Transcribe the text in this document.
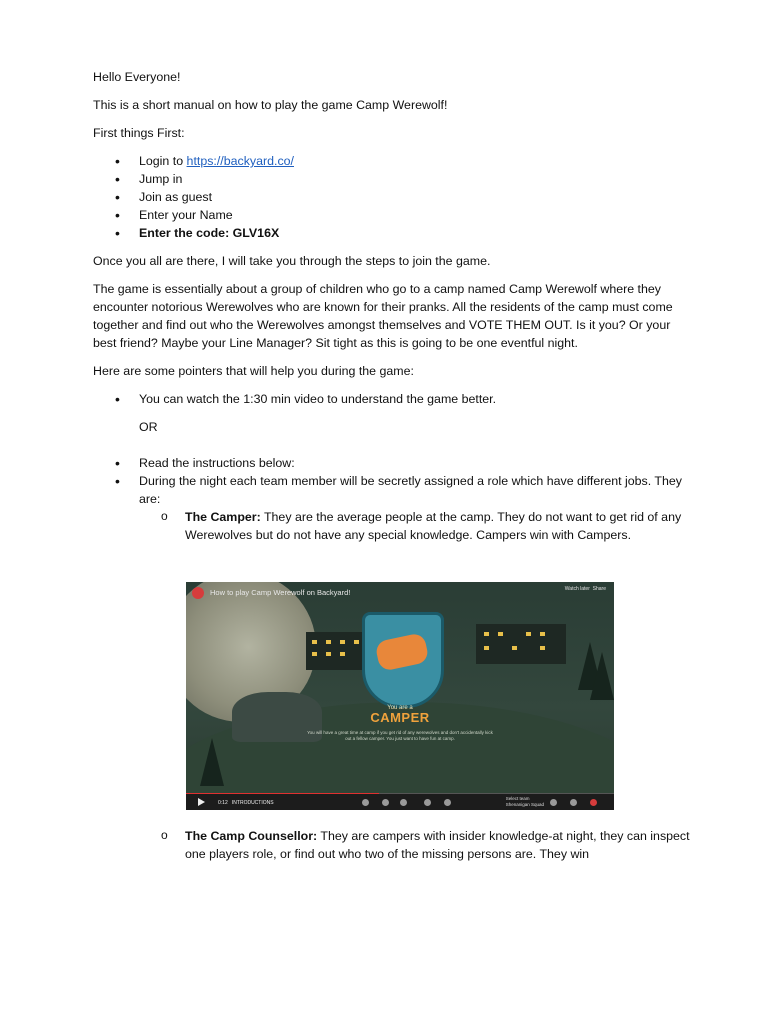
Hello Everyone!

This is a short manual on how to play the game Camp Werewolf!

First things First:

• Login to https://backyard.co/
• Jump in
• Join as guest
• Enter your Name
• Enter the code: GLV16X

Once you all are there, I will take you through the steps to join the game.

The game is essentially about a group of children who go to a camp named Camp Werewolf where they encounter notorious Werewolves who are known for their pranks. All the residents of the camp must come together and find out who the Werewolves amongst themselves and VOTE THEM OUT. Is it you? Or your best friend? Maybe your Line Manager? Sit tight as this is going to be one eventful night.

Here are some pointers that will help you during the game:

• You can watch the 1:30 min video to understand the game better.
OR
• Read the instructions below:
• During the night each team member will be secretly assigned a role which have different jobs. They are:
o The Camper: They are the average people at the camp. They do not want to get rid of any Werewolves but do not have any special knowledge. Campers win with Campers.
How to play Camp Werewolf on Backyard!	Watch later Share
You are a
CAMPER
You will have a great time at camp if you get rid of any werewolves and don't accidentally kick out a fellow camper. You just want to have fun at camp.
0:12 INTRODUCTIONS
Select team
Shenanigan Squad
o The Camp Counsellor: They are campers with insider knowledge-at night, they can inspect one players role, or find out who two of the missing persons are. They win
